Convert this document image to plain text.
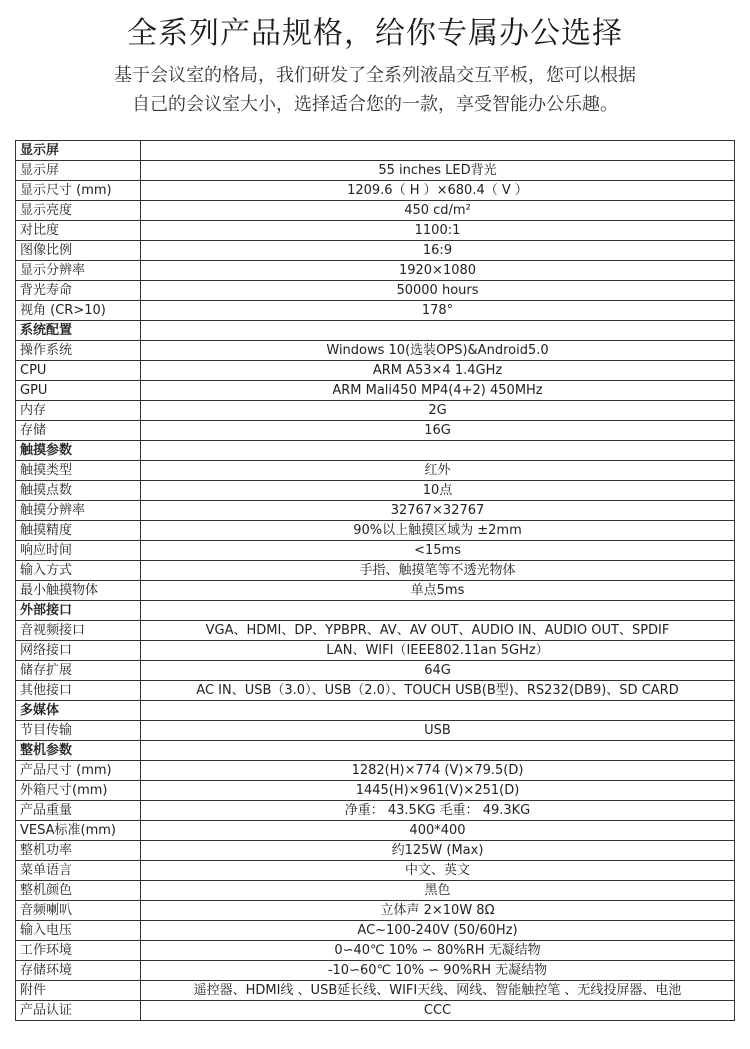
全系列产品规格，给你专属办公选择
基于会议室的格局，我们研发了全系列液晶交互平板，您可以根据
自己的会议室大小，选择适合您的一款，享受智能办公乐趣。
显示屏	
显示屏	55 inches LED背光
显示尺寸 (mm)	1209.6（ H ）×680.4（ V ）
显示亮度	450 cd/m²
对比度	1100:1
图像比例	16:9
显示分辨率	1920×1080
背光寿命	50000 hours
视角 (CR>10)	178°
系统配置	
操作系统	Windows 10(选装OPS)&Android5.0
CPU	ARM A53×4 1.4GHz
GPU	ARM Mali450 MP4(4+2) 450MHz
内存	2G
存储	16G
触摸参数	
触摸类型	红外
触摸点数	10点
触摸分辨率	32767×32767
触摸精度	90%以上触摸区域为 ±2mm
响应时间	<15ms
输入方式	手指、触摸笔等不透光物体
最小触摸物体	单点5ms
外部接口	
音视频接口	VGA、HDMI、DP、YPBPR、AV、AV OUT、AUDIO IN、AUDIO OUT、SPDIF
网络接口	LAN、WIFI（IEEE802.11an 5GHz）
储存扩展	64G
其他接口	AC IN、USB（3.0）、USB（2.0）、TOUCH USB(B型)、RS232(DB9)、SD CARD
多媒体	
节目传输	USB
整机参数	
产品尺寸 (mm)	1282(H)×774 (V)×79.5(D)
外箱尺寸(mm)	1445(H)×961(V)×251(D)
产品重量	净重： 43.5KG 毛重： 49.3KG
VESA标准(mm)	400*400
整机功率	约125W (Max)
菜单语言	中文、英文
整机颜色	黑色
音频喇叭	立体声 2×10W 8Ω
输入电压	AC~100-240V (50/60Hz)
工作环境	0∽40℃ 10% ∽ 80%RH 无凝结物
存储环境	-10∽60℃ 10% ∽ 90%RH 无凝结物
附件	遥控器、HDMI线 、USB延长线、WIFI天线、网线、智能触控笔 、无线投屏器、电池
产品认证	CCC
